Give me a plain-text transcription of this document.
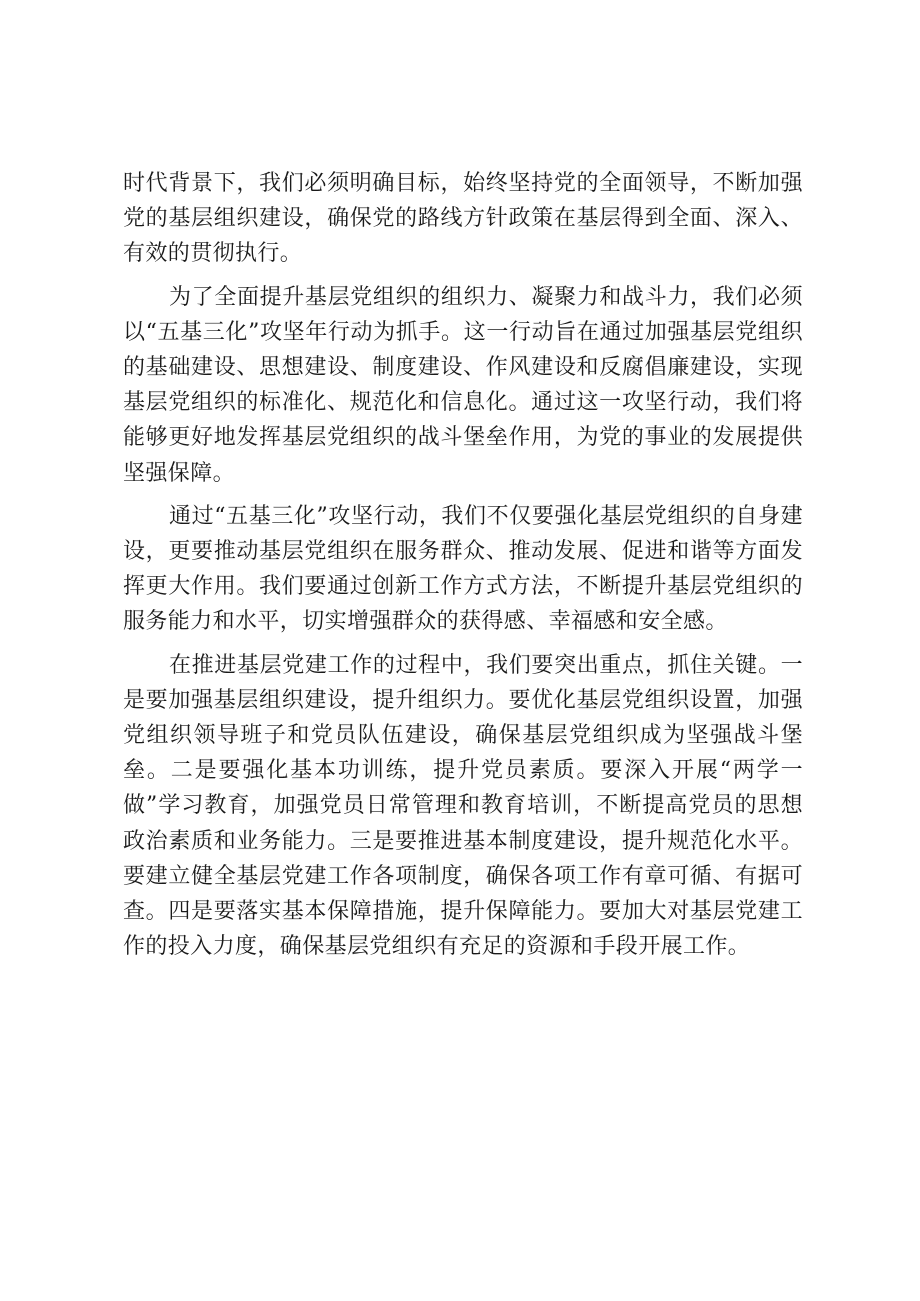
时代背景下，我们必须明确目标，始终坚持党的全面领导，不断加强党的基层组织建设，确保党的路线方针政策在基层得到全面、深入、有效的贯彻执行。

为了全面提升基层党组织的组织力、凝聚力和战斗力，我们必须以“五基三化”攻坚年行动为抓手。这一行动旨在通过加强基层党组织的基础建设、思想建设、制度建设、作风建设和反腐倡廉建设，实现基层党组织的标准化、规范化和信息化。通过这一攻坚行动，我们将能够更好地发挥基层党组织的战斗堡垒作用，为党的事业的发展提供坚强保障。

通过“五基三化”攻坚行动，我们不仅要强化基层党组织的自身建设，更要推动基层党组织在服务群众、推动发展、促进和谐等方面发挥更大作用。我们要通过创新工作方式方法，不断提升基层党组织的服务能力和水平，切实增强群众的获得感、幸福感和安全感。

在推进基层党建工作的过程中，我们要突出重点，抓住关键。一是要加强基层组织建设，提升组织力。要优化基层党组织设置，加强党组织领导班子和党员队伍建设，确保基层党组织成为坚强战斗堡垒。二是要强化基本功训练，提升党员素质。要深入开展“两学一做”学习教育，加强党员日常管理和教育培训，不断提高党员的思想政治素质和业务能力。三是要推进基本制度建设，提升规范化水平。要建立健全基层党建工作各项制度，确保各项工作有章可循、有据可查。四是要落实基本保障措施，提升保障能力。要加大对基层党建工作的投入力度，确保基层党组织有充足的资源和手段开展工作。
